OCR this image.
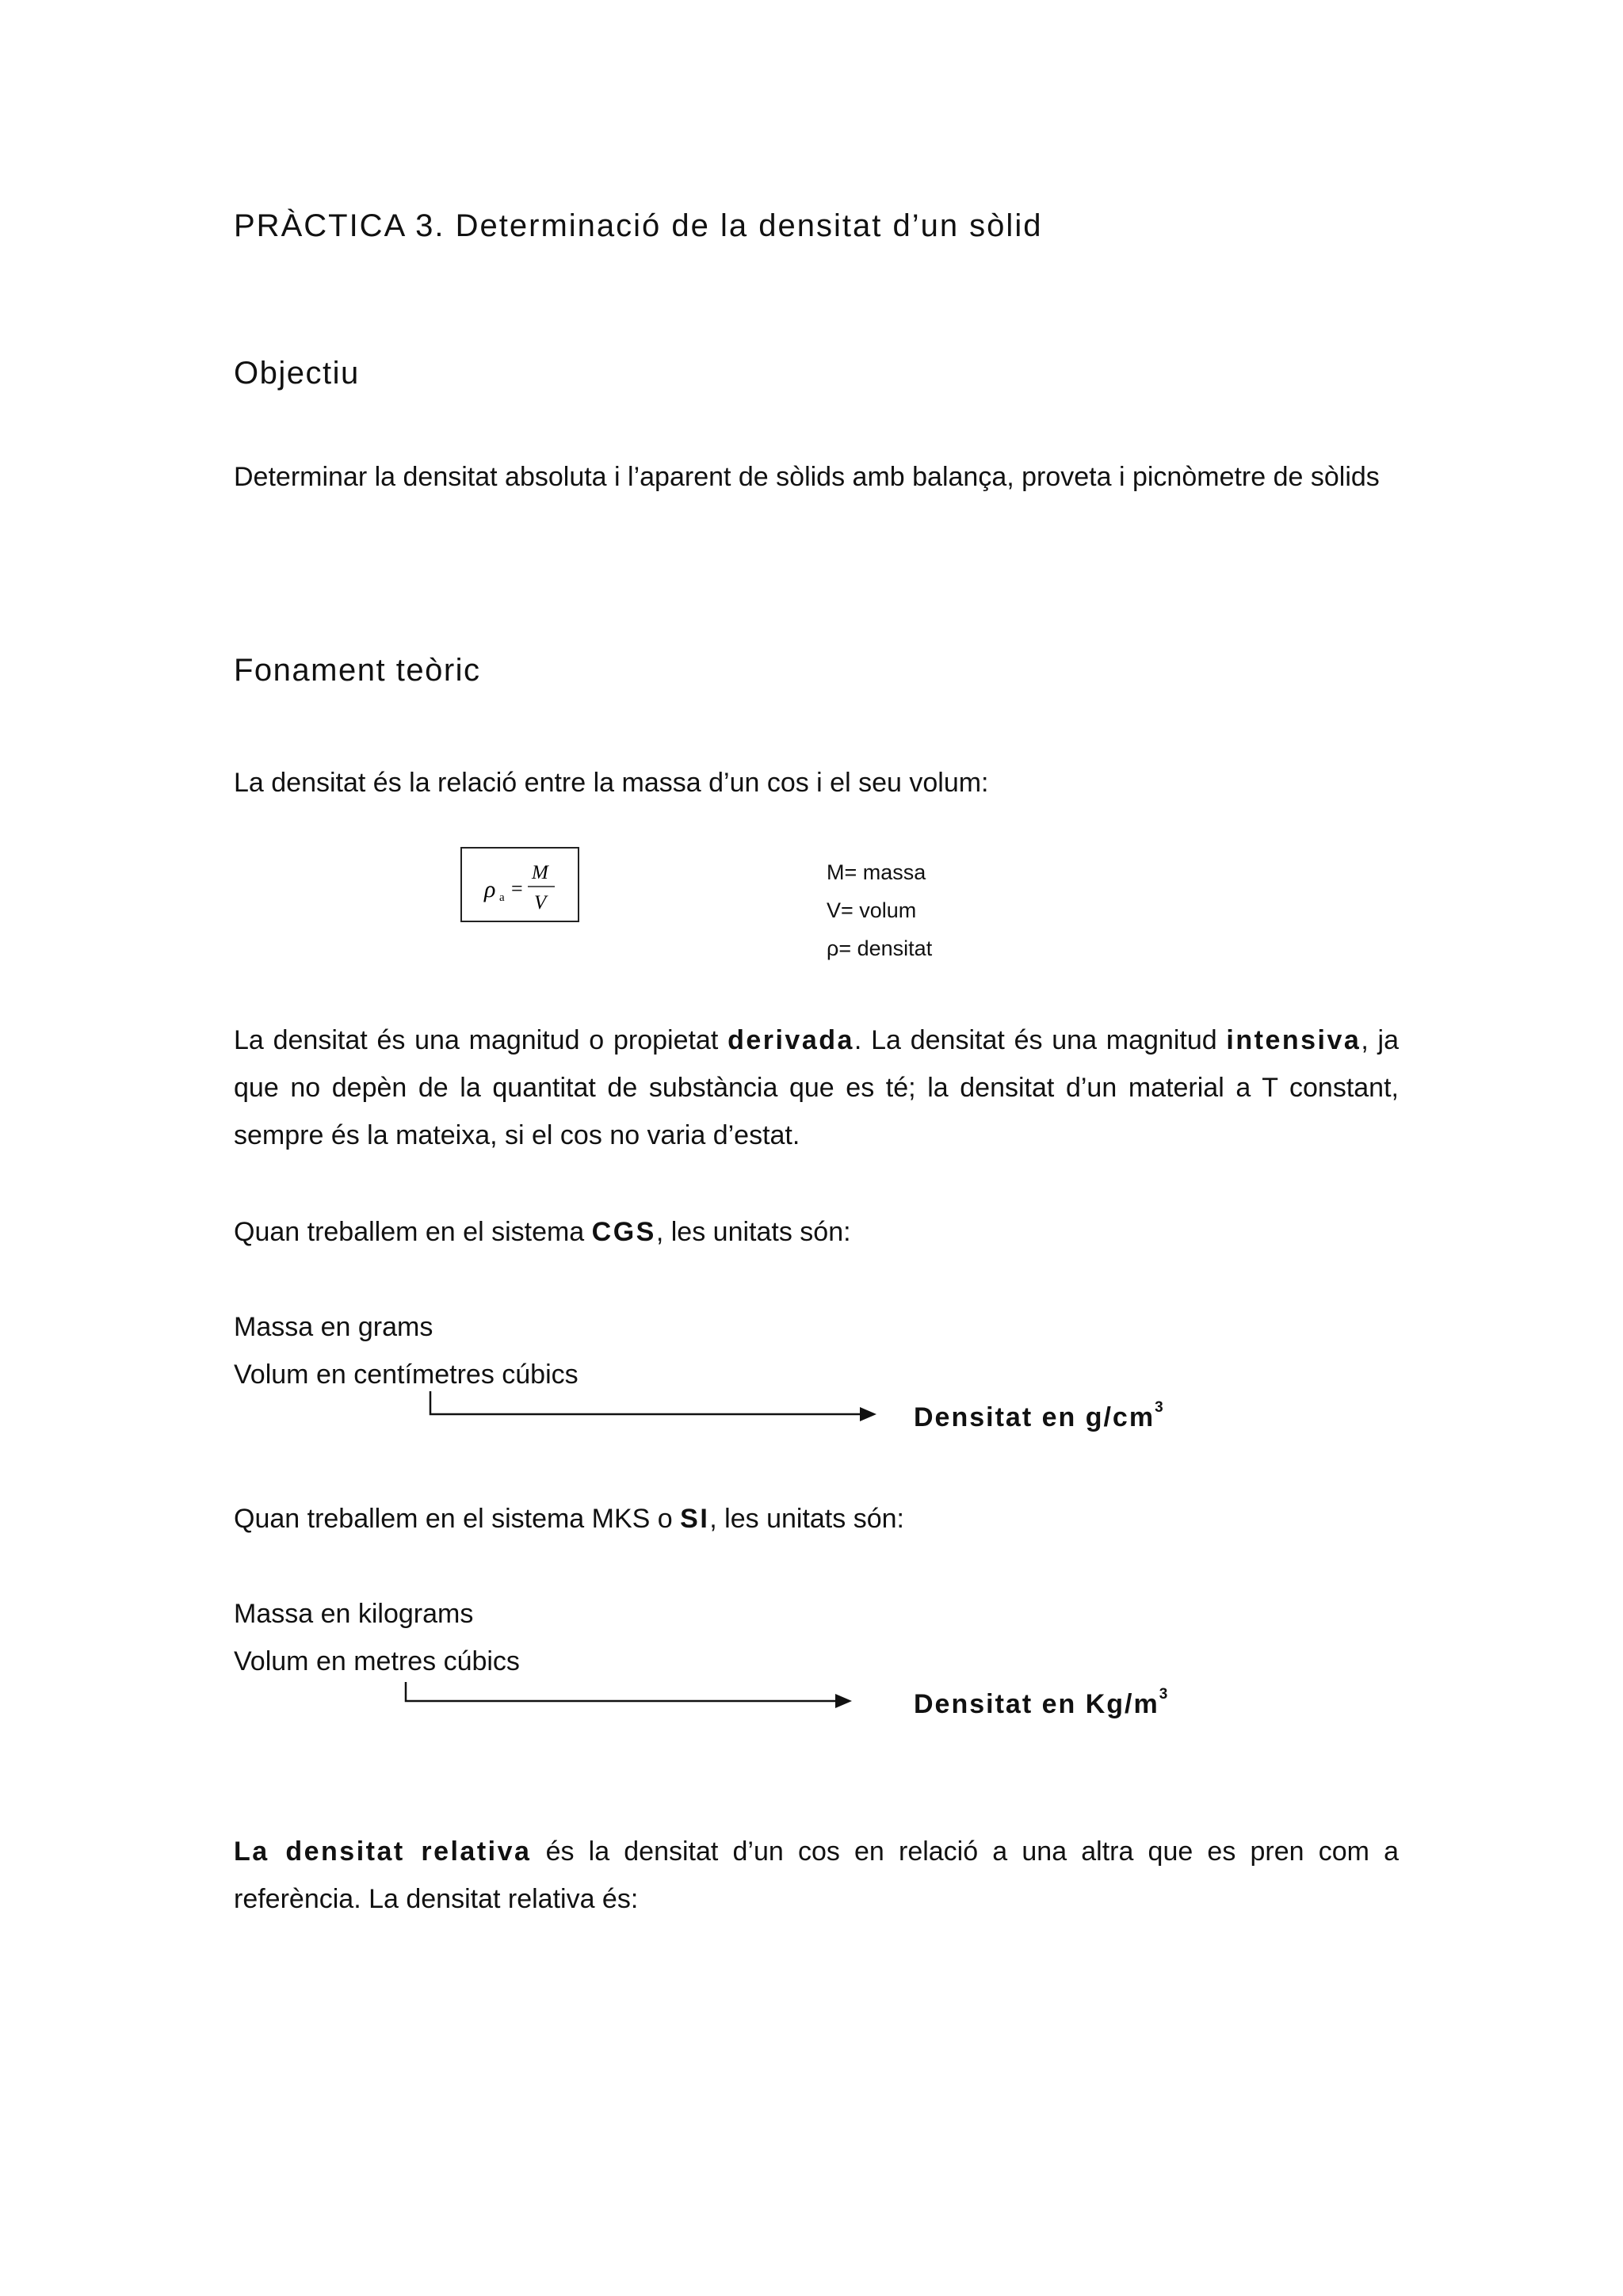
PRÀCTICA 3. Determinació de la densitat d’un sòlid
Objectiu

Determinar la densitat absoluta i l’aparent de sòlids amb balança, proveta i picnòmetre de sòlids

Fonament teòric

La densitat és la relació entre la massa d’un cos i el seu volum:

ρ a =
M
V
M= massa
V= volum
ρ= densitat

La densitat és una magnitud o propietat derivada. La densitat és una magnitud intensiva, ja que no depèn de la quantitat de substància que es té; la densitat d’un material a T constant, sempre és la mateixa, si el cos no varia d’estat.

Quan treballem en el sistema CGS, les unitats són:

Massa en grams

Volum en centímetres cúbics

Densitat en $g/cm^3$

Quan treballem en el sistema MKS o SI, les unitats són:

Massa en kilograms

Volum en metres cúbics

Densitat en $Kg/m^3$

La densitat relativa és la densitat d’un cos en relació a una altra que es pren com a referència. La densitat relativa és:
